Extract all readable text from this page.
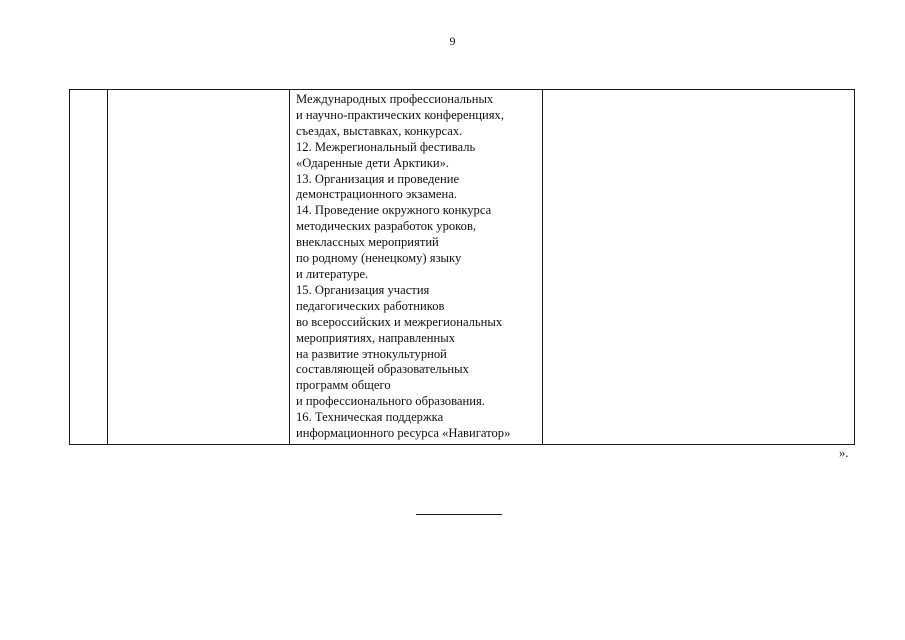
9
Международных профессиональных
и научно-практических конференциях,
съездах, выставках, конкурсах.
12. Межрегиональный фестиваль
«Одаренные дети Арктики».
13. Организация и проведение
демонстрационного экзамена.
14. Проведение окружного конкурса
методических разработок уроков,
внеклассных мероприятий
по родному (ненецкому) языку
и литературе.
15. Организация участия
педагогических работников
во всероссийских и межрегиональных
мероприятиях, направленных
на развитие этнокультурной
составляющей образовательных
программ общего
и профессионального образования.
16. Техническая поддержка
информационного ресурса «Навигатор»
».
